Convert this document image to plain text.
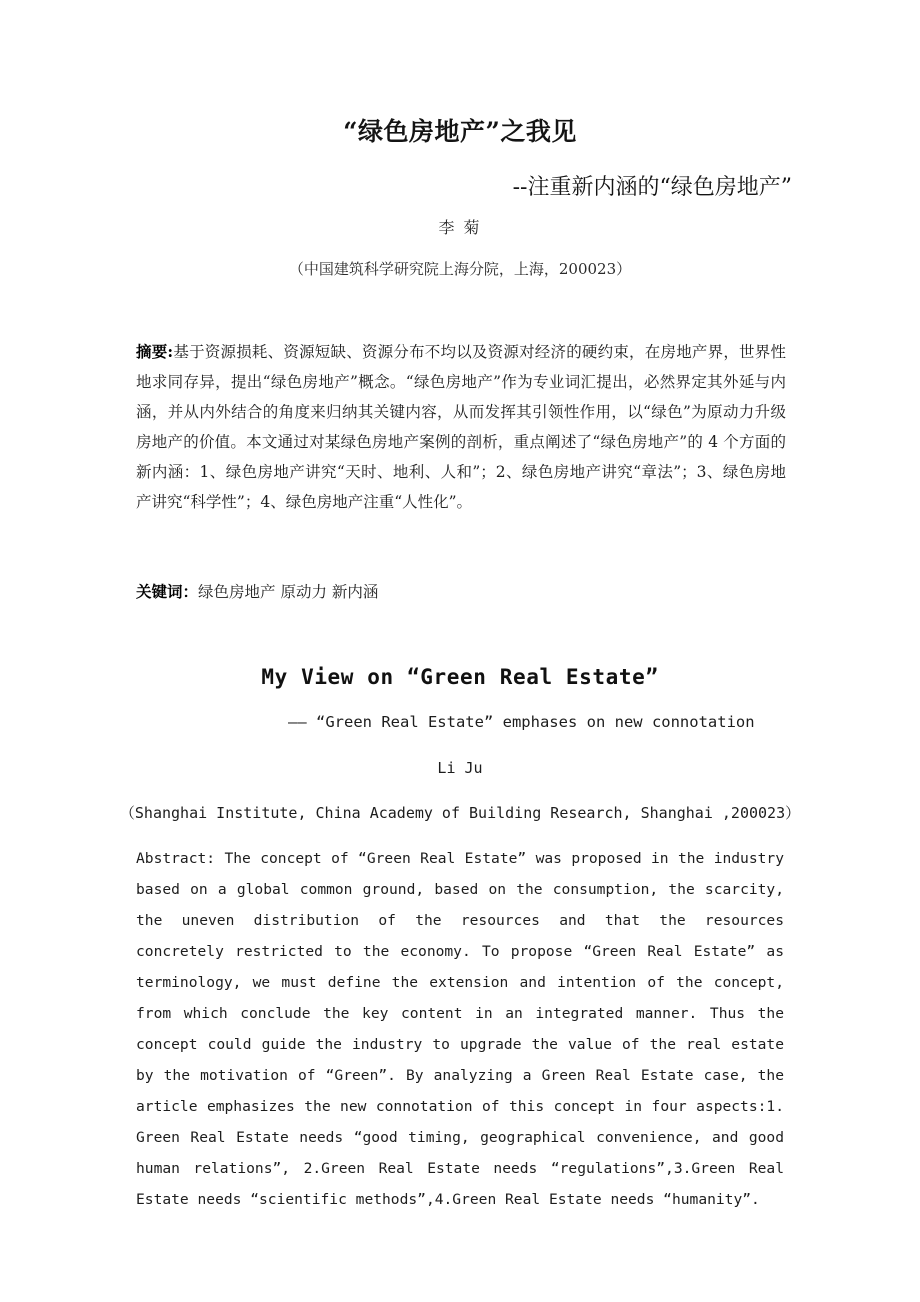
“绿色房地产”之我见
--注重新内涵的“绿色房地产”
李 菊
（中国建筑科学研究院上海分院，上海，200023）
摘要:基于资源损耗、资源短缺、资源分布不均以及资源对经济的硬约束，在房地产界，世界性地求同存异，提出“绿色房地产”概念。“绿色房地产”作为专业词汇提出，必然界定其外延与内涵，并从内外结合的角度来归纳其关键内容，从而发挥其引领性作用，以“绿色”为原动力升级房地产的价值。本文通过对某绿色房地产案例的剖析，重点阐述了“绿色房地产”的 4 个方面的新内涵：1、绿色房地产讲究“天时、地利、人和”；2、绿色房地产讲究“章法”；3、绿色房地产讲究“科学性”；4、绿色房地产注重“人性化”。
关键词：绿色房地产 原动力 新内涵
My View on “Green Real Estate”
—— “Green Real Estate” emphases on new connotation
Li Ju
（Shanghai Institute, China Academy of Building Research, Shanghai ,200023）
Abstract: The concept of “Green Real Estate” was proposed in the industry based on a global common ground, based on the consumption, the scarcity, the uneven distribution of the resources and that the resources concretely restricted to the economy. To propose “Green Real Estate” as terminology, we must define the extension and intention of the concept, from which conclude the key content in an integrated manner. Thus the concept could guide the industry to upgrade the value of the real estate by the motivation of “Green”. By analyzing a Green Real Estate case, the article emphasizes the new connotation of this concept in four aspects:1. Green Real Estate needs “good timing, geographical convenience, and good human relations”, 2.Green Real Estate needs “regulations”,3.Green Real Estate needs “scientific methods”,4.Green Real Estate needs “humanity”.
